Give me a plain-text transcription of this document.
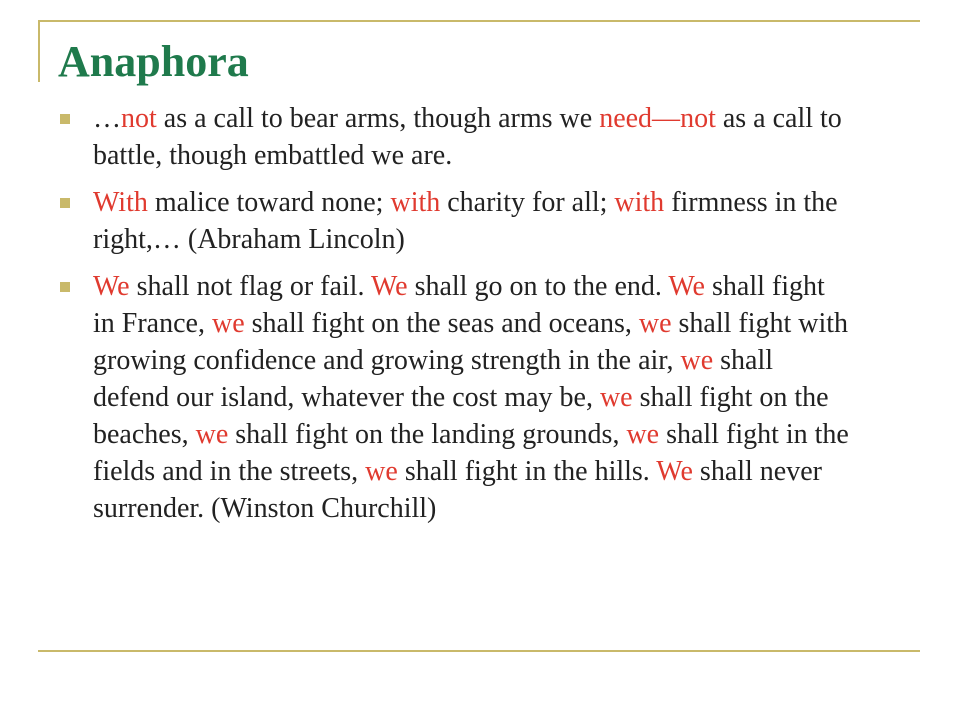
Anaphora
…not as a call to bear arms, though arms we need—not as a call to battle, though embattled we are.
With malice toward none; with charity for all; with firmness in the right,… (Abraham Lincoln)
We shall not flag or fail. We shall go on to the end. We shall fight in France, we shall fight on the seas and oceans, we shall fight with growing confidence and growing strength in the air, we shall defend our island, whatever the cost may be, we shall fight on the beaches, we shall fight on the landing grounds, we shall fight in the fields and in the streets, we shall fight in the hills. We shall never surrender. (Winston Churchill)
